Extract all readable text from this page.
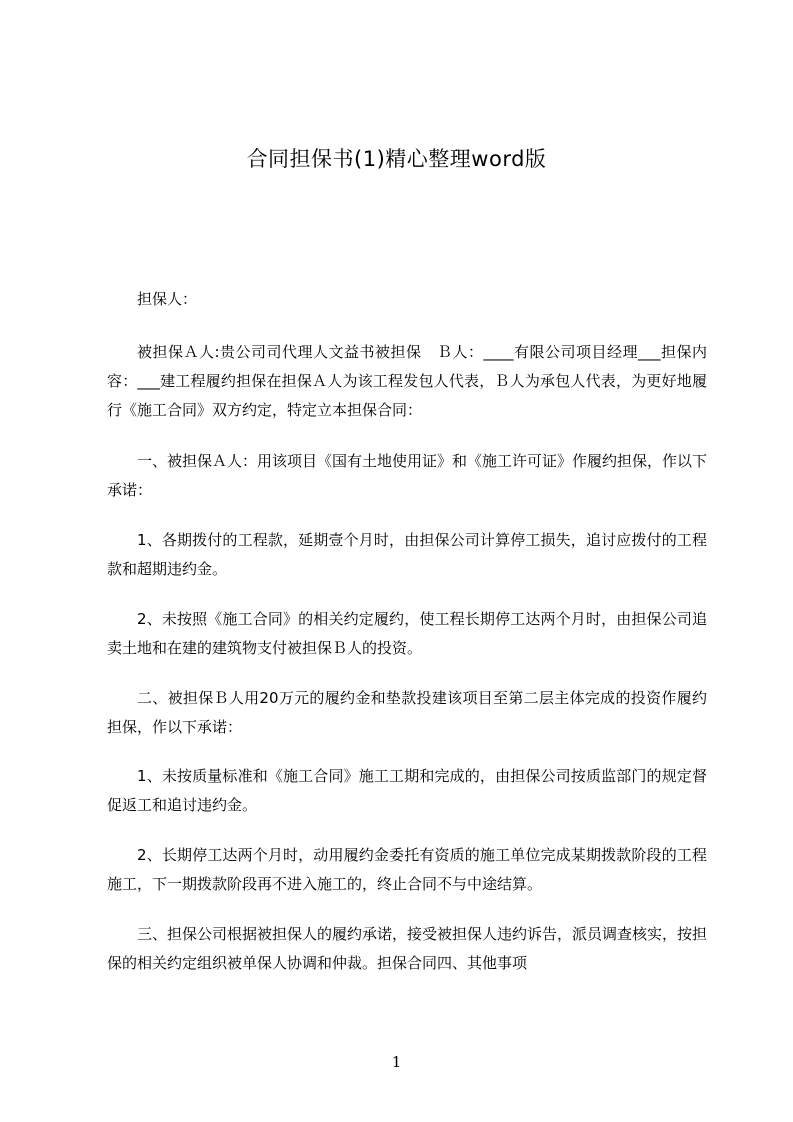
合同担保书(1)精心整理word版

担保人：

被担保Ａ人:贵公司司代理人文益书被担保　Ｂ人：____有限公司项目经理___担保内容：___建工程履约担保在担保Ａ人为该工程发包人代表，Ｂ人为承包人代表，为更好地履行《施工合同》双方约定，特定立本担保合同：

一、被担保Ａ人：用该项目《国有土地使用证》和《施工许可证》作履约担保，作以下承诺：

1、各期拨付的工程款，延期壹个月时，由担保公司计算停工损失，追讨应拨付的工程款和超期违约金。

2、未按照《施工合同》的相关约定履约，使工程长期停工达两个月时，由担保公司追卖土地和在建的建筑物支付被担保Ｂ人的投资。

二、被担保Ｂ人用20万元的履约金和垫款投建该项目至第二层主体完成的投资作履约担保，作以下承诺：

1、未按质量标准和《施工合同》施工工期和完成的，由担保公司按质监部门的规定督促返工和追讨违约金。

2、长期停工达两个月时，动用履约金委托有资质的施工单位完成某期拨款阶段的工程施工，下一期拨款阶段再不进入施工的，终止合同不与中途结算。

三、担保公司根据被担保人的履约承诺，接受被担保人违约诉告，派员调查核实，按担保的相关约定组织被单保人协调和仲裁。担保合同四、其他事项

1
